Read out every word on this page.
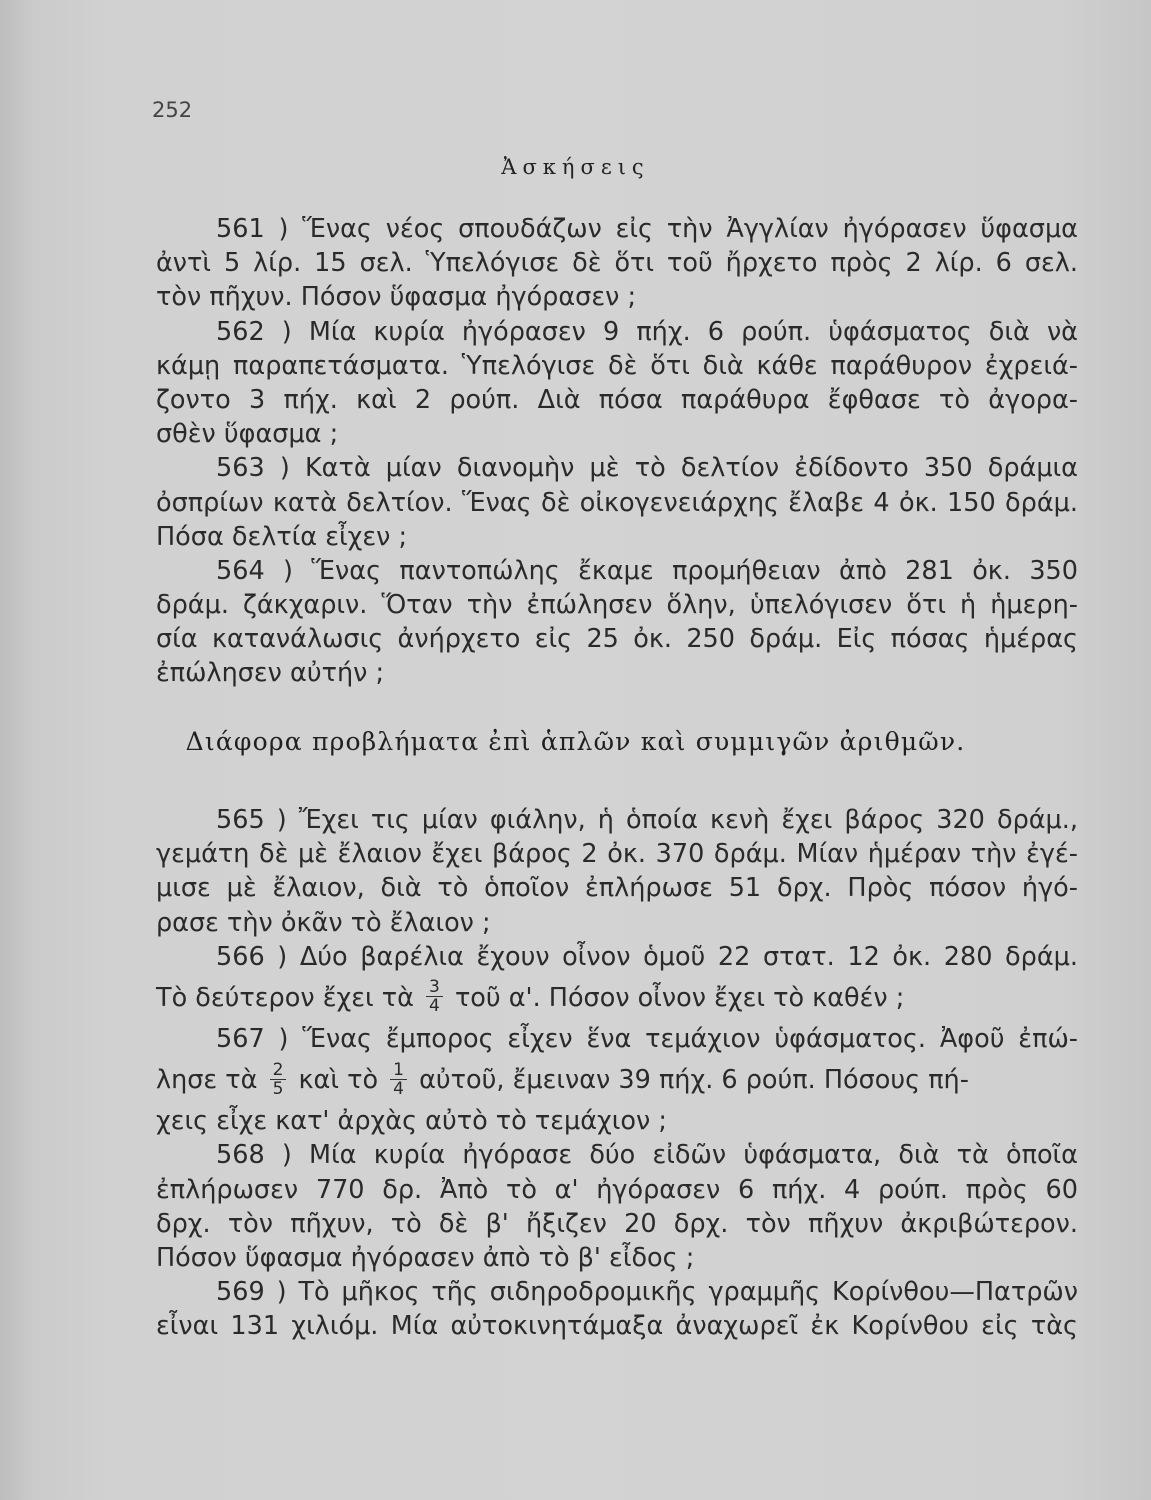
252
Ἀσκήσεις
561 ) Ἕνας νέος σπουδάζων εἰς τὴν Ἀγγλίαν ἠγόρασεν ὕφασμα
ἀντὶ 5 λίρ. 15 σελ. Ὑπελόγισε δὲ ὅτι τοῦ ἤρχετο πρὸς 2 λίρ. 6 σελ.
τὸν πῆχυν. Πόσον ὕφασμα ἠγόρασεν ;
562 ) Μία κυρία ἠγόρασεν 9 πήχ. 6 ρούπ. ὑφάσματος διὰ νὰ
κάμῃ παραπετάσματα. Ὑπελόγισε δὲ ὅτι διὰ κάθε παράθυρον ἐχρειά-
ζοντο 3 πήχ. καὶ 2 ρούπ. Διὰ πόσα παράθυρα ἔφθασε τὸ ἀγορα-
σθὲν ὕφασμα ;
563 ) Κατὰ μίαν διανομὴν μὲ τὸ δελτίον ἐδίδοντο 350 δράμια
ὀσπρίων κατὰ δελτίον. Ἕνας δὲ οἰκογενειάρχης ἔλαβε 4 ὀκ. 150 δράμ.
Πόσα δελτία εἶχεν ;
564 ) Ἕνας παντοπώλης ἔκαμε προμήθειαν ἀπὸ 281 ὀκ. 350
δράμ. ζάκχαριν. Ὅταν τὴν ἐπώλησεν ὅλην, ὑπελόγισεν ὅτι ἡ ἡμερη-
σία κατανάλωσις ἀνήρχετο εἰς 25 ὀκ. 250 δράμ. Εἰς πόσας ἡμέρας
ἐπώλησεν αὐτήν ;
Διάφορα προβλήματα ἐπὶ ἁπλῶν καὶ συμμιγῶν ἀριθμῶν.
565 ) Ἔχει τις μίαν φιάλην, ἡ ὁποία κενὴ ἔχει βάρος 320 δράμ.,
γεμάτη δὲ μὲ ἔλαιον ἔχει βάρος 2 ὀκ. 370 δράμ. Μίαν ἡμέραν τὴν ἐγέ-
μισε μὲ ἔλαιον, διὰ τὸ ὁποῖον ἐπλήρωσε 51 δρχ. Πρὸς πόσον ἠγό-
ρασε τὴν ὀκᾶν τὸ ἔλαιον ;
566 ) Δύο βαρέλια ἔχουν οἶνον ὁμοῦ 22 στατ. 12 ὀκ. 280 δράμ.
Τὸ δεύτερον ἔχει τὰ $\frac{3}{4}$ τοῦ α'. Πόσον οἶνον ἔχει τὸ καθέν ;
567 ) Ἕνας ἔμπορος εἶχεν ἕνα τεμάχιον ὑφάσματος. Ἀφοῦ ἐπώ-
λησε τὰ $\frac{2}{5}$ καὶ τὸ $\frac{1}{4}$ αὐτοῦ, ἔμειναν 39 πήχ. 6 ρούπ. Πόσους πή-
χεις εἶχε κατ' ἀρχὰς αὐτὸ τὸ τεμάχιον ;
568 ) Μία κυρία ἠγόρασε δύο εἰδῶν ὑφάσματα, διὰ τὰ ὁποῖα
ἐπλήρωσεν 770 δρ. Ἀπὸ τὸ α' ἠγόρασεν 6 πήχ. 4 ρούπ. πρὸς 60
δρχ. τὸν πῆχυν, τὸ δὲ β' ἤξιζεν 20 δρχ. τὸν πῆχυν ἀκριβώτερον.
Πόσον ὕφασμα ἠγόρασεν ἀπὸ τὸ β' εἶδος ;
569 ) Τὸ μῆκος τῆς σιδηροδρομικῆς γραμμῆς Κορίνθου—Πατρῶν
εἶναι 131 χιλιόμ. Μία αὐτοκινητάμαξα ἀναχωρεῖ ἐκ Κορίνθου εἰς τὰς
